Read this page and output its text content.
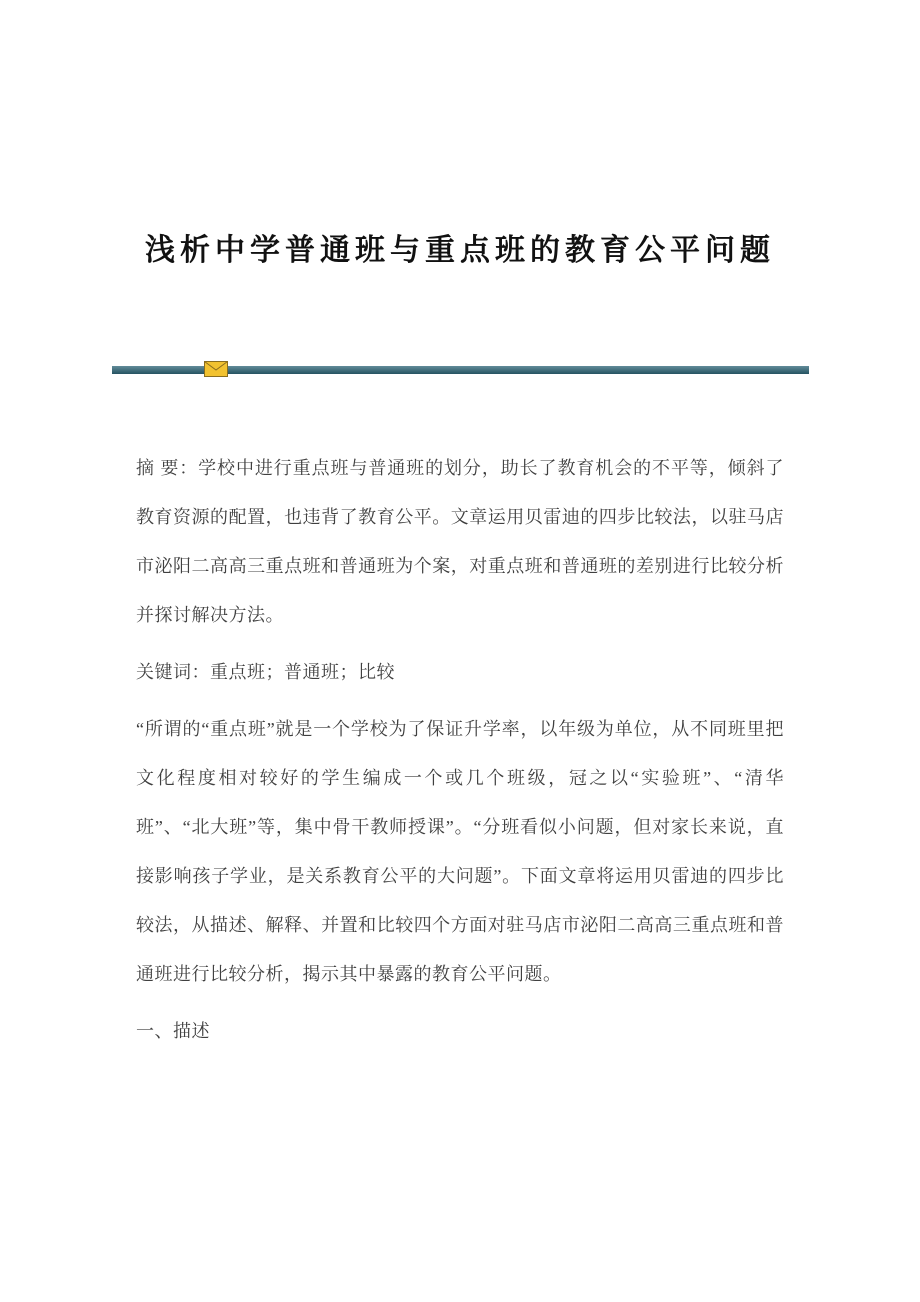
浅析中学普通班与重点班的教育公平问题

摘 要：学校中进行重点班与普通班的划分，助长了教育机会的不平等，倾斜了教育资源的配置，也违背了教育公平。文章运用贝雷迪的四步比较法，以驻马店市泌阳二高高三重点班和普通班为个案，对重点班和普通班的差别进行比较分析并探讨解决方法。

关键词：重点班；普通班；比较

“所谓的“重点班”就是一个学校为了保证升学率，以年级为单位，从不同班里把文化程度相对较好的学生编成一个或几个班级，冠之以“实验班”、“清华班”、“北大班”等，集中骨干教师授课”。“分班看似小问题，但对家长来说，直接影响孩子学业，是关系教育公平的大问题”。下面文章将运用贝雷迪的四步比较法，从描述、解释、并置和比较四个方面对驻马店市泌阳二高高三重点班和普通班进行比较分析，揭示其中暴露的教育公平问题。

一、描述
